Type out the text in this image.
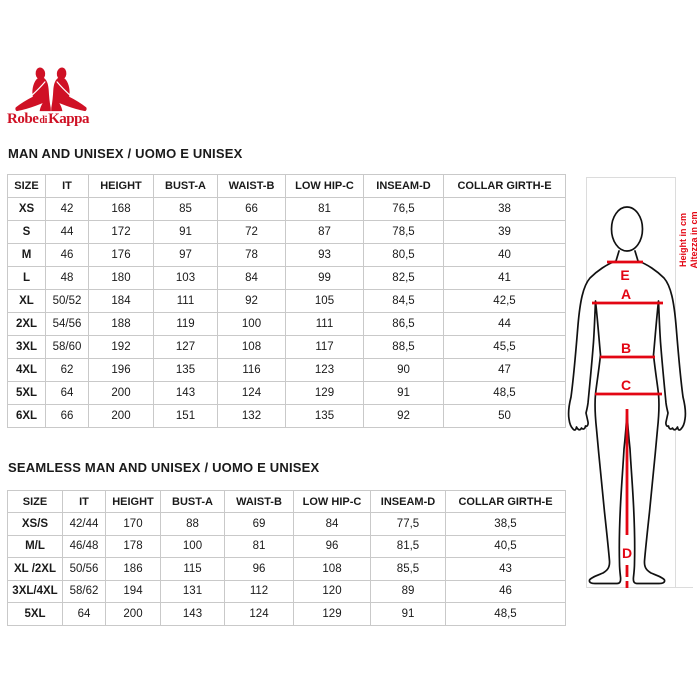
RobediKappa
MAN AND UNISEX / UOMO E UNISEX
SIZE	IT	HEIGHT	BUST-A	WAIST-B	LOW HIP-C	INSEAM-D	COLLAR GIRTH-E
XS	42	168	85	66	81	76,5	38
S	44	172	91	72	87	78,5	39
M	46	176	97	78	93	80,5	40
L	48	180	103	84	99	82,5	41
XL	50/52	184	111	92	105	84,5	42,5
2XL	54/56	188	119	100	111	86,5	44
3XL	58/60	192	127	108	117	88,5	45,5
4XL	62	196	135	116	123	90	47
5XL	64	200	143	124	129	91	48,5
6XL	66	200	151	132	135	92	50
SEAMLESS MAN AND UNISEX / UOMO E UNISEX
SIZE	IT	HEIGHT	BUST-A	WAIST-B	LOW HIP-C	INSEAM-D	COLLAR GIRTH-E
XS/S	42/44	170	88	69	84	77,5	38,5
M/L	46/48	178	100	81	96	81,5	40,5
XL /2XL	50/56	186	115	96	108	85,5	43
3XL/4XL	58/62	194	131	112	120	89	46
5XL	64	200	143	124	129	91	48,5
E
A
B
C
D
Height in cm Altezza in cm
